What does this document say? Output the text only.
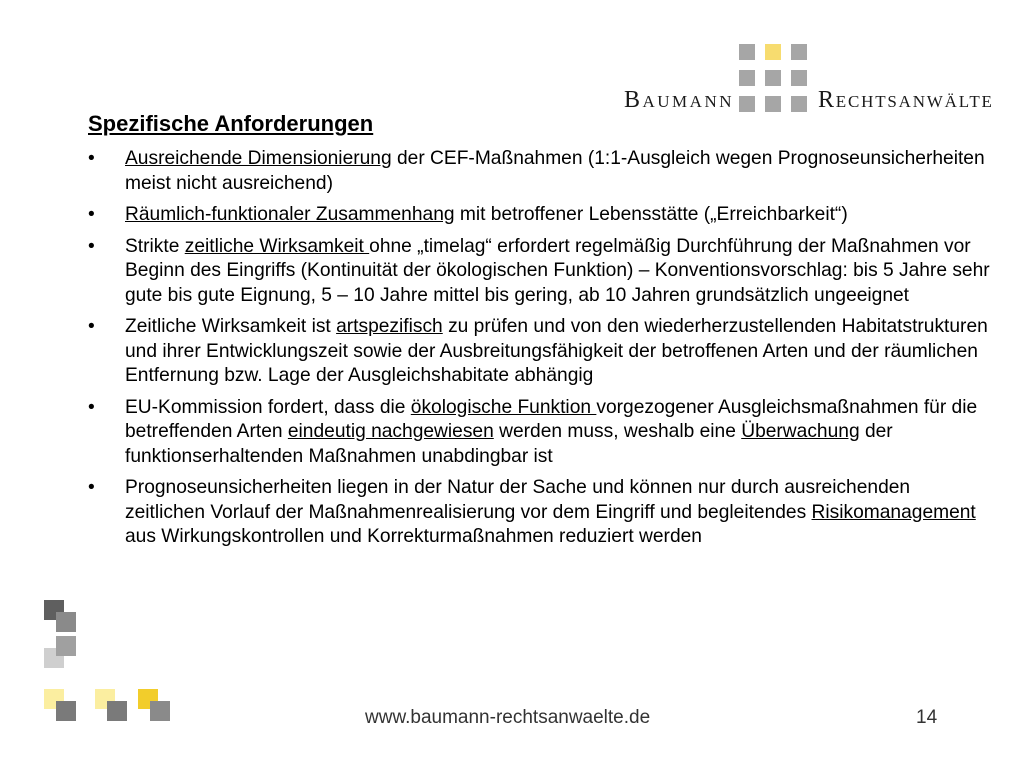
Baumann	Rechtsanwälte
Spezifische Anforderungen
• Ausreichende Dimensionierung der CEF-Maßnahmen (1:1-Ausgleich wegen Prognoseunsicherheiten meist nicht ausreichend)
• Räumlich-funktionaler Zusammenhang mit betroffener Lebensstätte („Erreichbarkeit“)
• Strikte zeitliche Wirksamkeit ohne „timelag“ erfordert regelmäßig Durchführung der Maßnahmen vor Beginn des Eingriffs (Kontinuität der ökologischen Funktion) – Konventionsvorschlag: bis 5 Jahre sehr gute bis gute Eignung, 5 – 10 Jahre mittel bis gering, ab 10 Jahren grundsätzlich ungeeignet
• Zeitliche Wirksamkeit ist artspezifisch zu prüfen und von den wiederherzustellenden Habitatstrukturen und ihrer Entwicklungszeit sowie der Ausbreitungsfähigkeit der betroffenen Arten und der räumlichen Entfernung bzw. Lage der Ausgleichshabitate abhängig
• EU-Kommission fordert, dass die ökologische Funktion vorgezogener Ausgleichsmaßnahmen für die betreffenden Arten eindeutig nachgewiesen werden muss, weshalb eine Überwachung der funktionserhaltenden Maßnahmen unabdingbar ist
• Prognoseunsicherheiten liegen in der Natur der Sache und können nur durch ausreichenden zeitlichen Vorlauf der Maßnahmenrealisierung vor dem Eingriff und begleitendes Risikomanagement aus Wirkungskontrollen und Korrekturmaßnahmen reduziert werden
www.baumann-rechtsanwaelte.de	14
